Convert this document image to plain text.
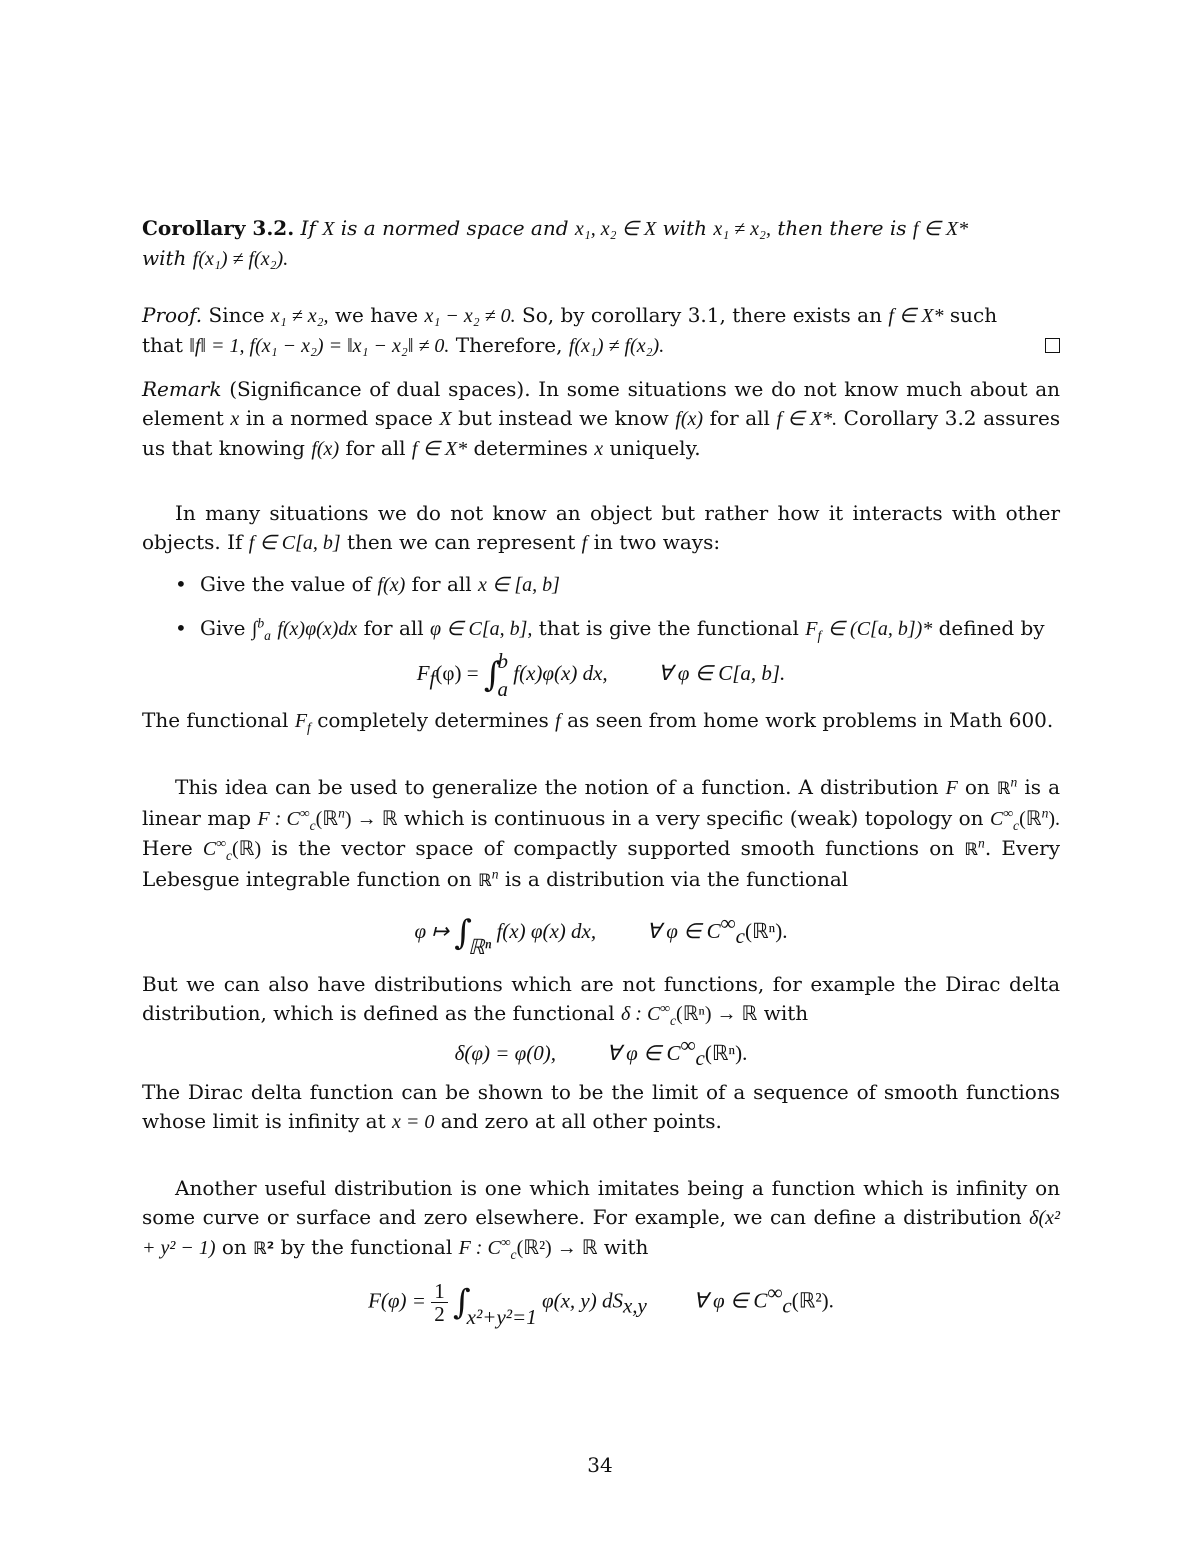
Corollary 3.2. If X is a normed space and x₁, x₂ ∈ X with x₁ ≠ x₂, then there is f ∈ X*
with f(x₁) ≠ f(x₂).

Proof. Since x₁ ≠ x₂, we have x₁ − x₂ ≠ 0. So, by corollary 3.1, there exists an f ∈ X* such
that ‖f‖ = 1, f(x₁ − x₂) = ‖x₁ − x₂‖ ≠ 0. Therefore, f(x₁) ≠ f(x₂).

Remark (Significance of dual spaces). In some situations we do not know much about an element x in a normed space X but instead we know f(x) for all f ∈ X*. Corollary 3.2 assures us that knowing f(x) for all f ∈ X* determines x uniquely.

In many situations we do not know an object but rather how it interacts with other objects. If f ∈ C[a, b] then we can represent f in two ways:

• Give the value of f(x) for all x ∈ [a, b]
• Give ∫$^b_a$ f(x)φ(x)dx for all φ ∈ C[a, b], that is give the functional $F_f$ ∈ (C[a, b])* defined by
$F_f(\varphi)$ = ∫
b
a
f(x)φ(x) dx, ∀ φ ∈ C[a, b].

The functional $F_f$ completely determines f as seen from home work problems in Math 600.

This idea can be used to generalize the notion of a function. A distribution F on ℝ$^n$ is a linear map F : $C^\infty_c(ℝ^n)$ → ℝ which is continuous in a very specific (weak) topology on $C^\infty_c(ℝ^n)$. Here $C^\infty_c(ℝ)$ is the vector space of compactly supported smooth functions on ℝ$^n$. Every Lebesgue integrable function on ℝ$^n$ is a distribution via the functional

φ ↦ ∫

ℝⁿ
f(x) φ(x) dx, ∀ φ ∈ $C^\infty_c(ℝ^n)$.

But we can also have distributions which are not functions, for example the Dirac delta distribution, which is defined as the functional δ : $C^\infty_c(ℝ^n)$ → ℝ with

δ(φ) = φ(0), ∀ φ ∈ $C^\infty_c(ℝ^n)$.

The Dirac delta function can be shown to be the limit of a sequence of smooth functions whose limit is infinity at x = 0 and zero at all other points.

Another useful distribution is one which imitates being a function which is infinity on some curve or surface and zero elsewhere. For example, we can define a distribution δ(x² + y² − 1) on ℝ² by the functional F : $C^\infty_c(ℝ^2)$ → ℝ with

$F(\varphi) = \frac{1}{2}$ ∫

x²+y²=1
φ(x, y) $dS_{x,y}$ ∀ φ ∈ $C^\infty_c(ℝ^2)$.
34
